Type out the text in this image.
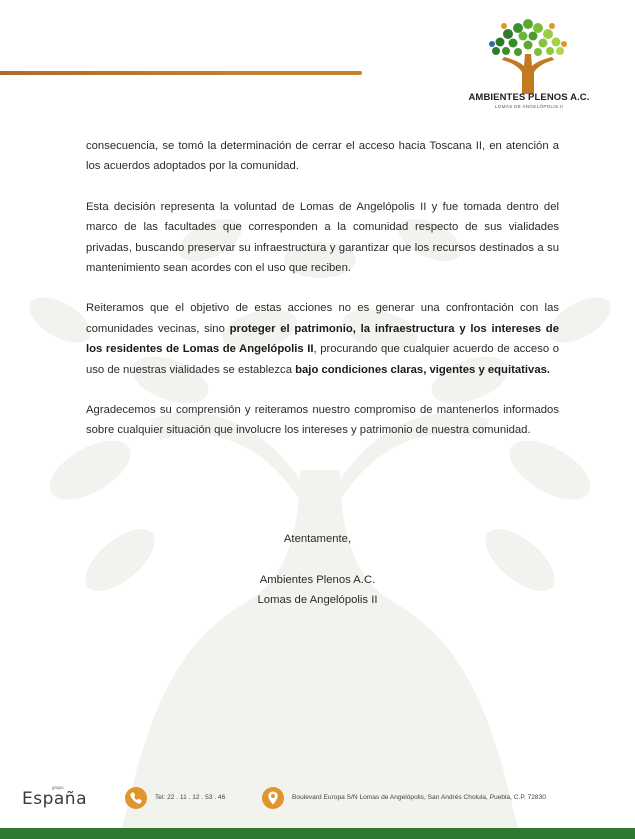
AMBIENTES PLENOS A.C.
LOMAS DE ANGELÓPOLIS II

consecuencia, se tomó la determinación de cerrar el acceso hacia Toscana II, en atención a los acuerdos adoptados por la comunidad.

Esta decisión representa la voluntad de Lomas de Angelópolis II y fue tomada dentro del marco de las facultades que corresponden a la comunidad respecto de sus vialidades privadas, buscando preservar su infraestructura y garantizar que los recursos destinados a su mantenimiento sean acordes con el uso que reciben.

Reiteramos que el objetivo de estas acciones no es generar una confrontación con las comunidades vecinas, sino proteger el patrimonio, la infraestructura y los intereses de los residentes de Lomas de Angelópolis II, procurando que cualquier acuerdo de acceso o uso de nuestras vialidades se establezca bajo condiciones claras, vigentes y equitativas.

Agradecemos su comprensión y reiteramos nuestro compromiso de mantenerlos informados sobre cualquier situación que involucre los intereses y patrimonio de nuestra comunidad.

Atentamente,
Ambientes Plenos A.C.
Lomas de Angelópolis II
grupo
España	Tel: 22 . 11 . 12 . 53 . 46	Boulevard Europa S/N Lomas de Angelópolis, San Andrés Cholula, Puebla, C.P. 72830
